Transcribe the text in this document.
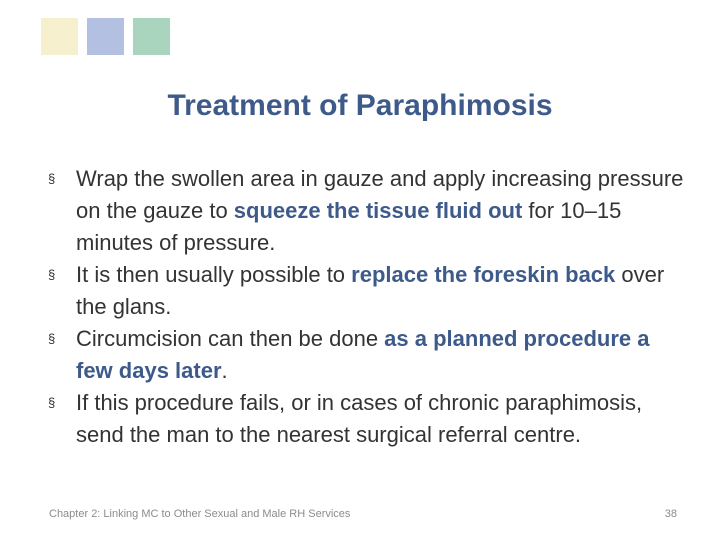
Treatment of Paraphimosis
§ Wrap the swollen area in gauze and apply increasing pressure on the gauze to squeeze the tissue fluid out for 10–15 minutes of pressure.
§ It is then usually possible to replace the foreskin back over the glans.
§ Circumcision can then be done as a planned procedure a few days later.
§ If this procedure fails, or in cases of chronic paraphimosis, send the man to the nearest surgical referral centre.
Chapter 2: Linking MC to Other Sexual and Male RH Services	38
